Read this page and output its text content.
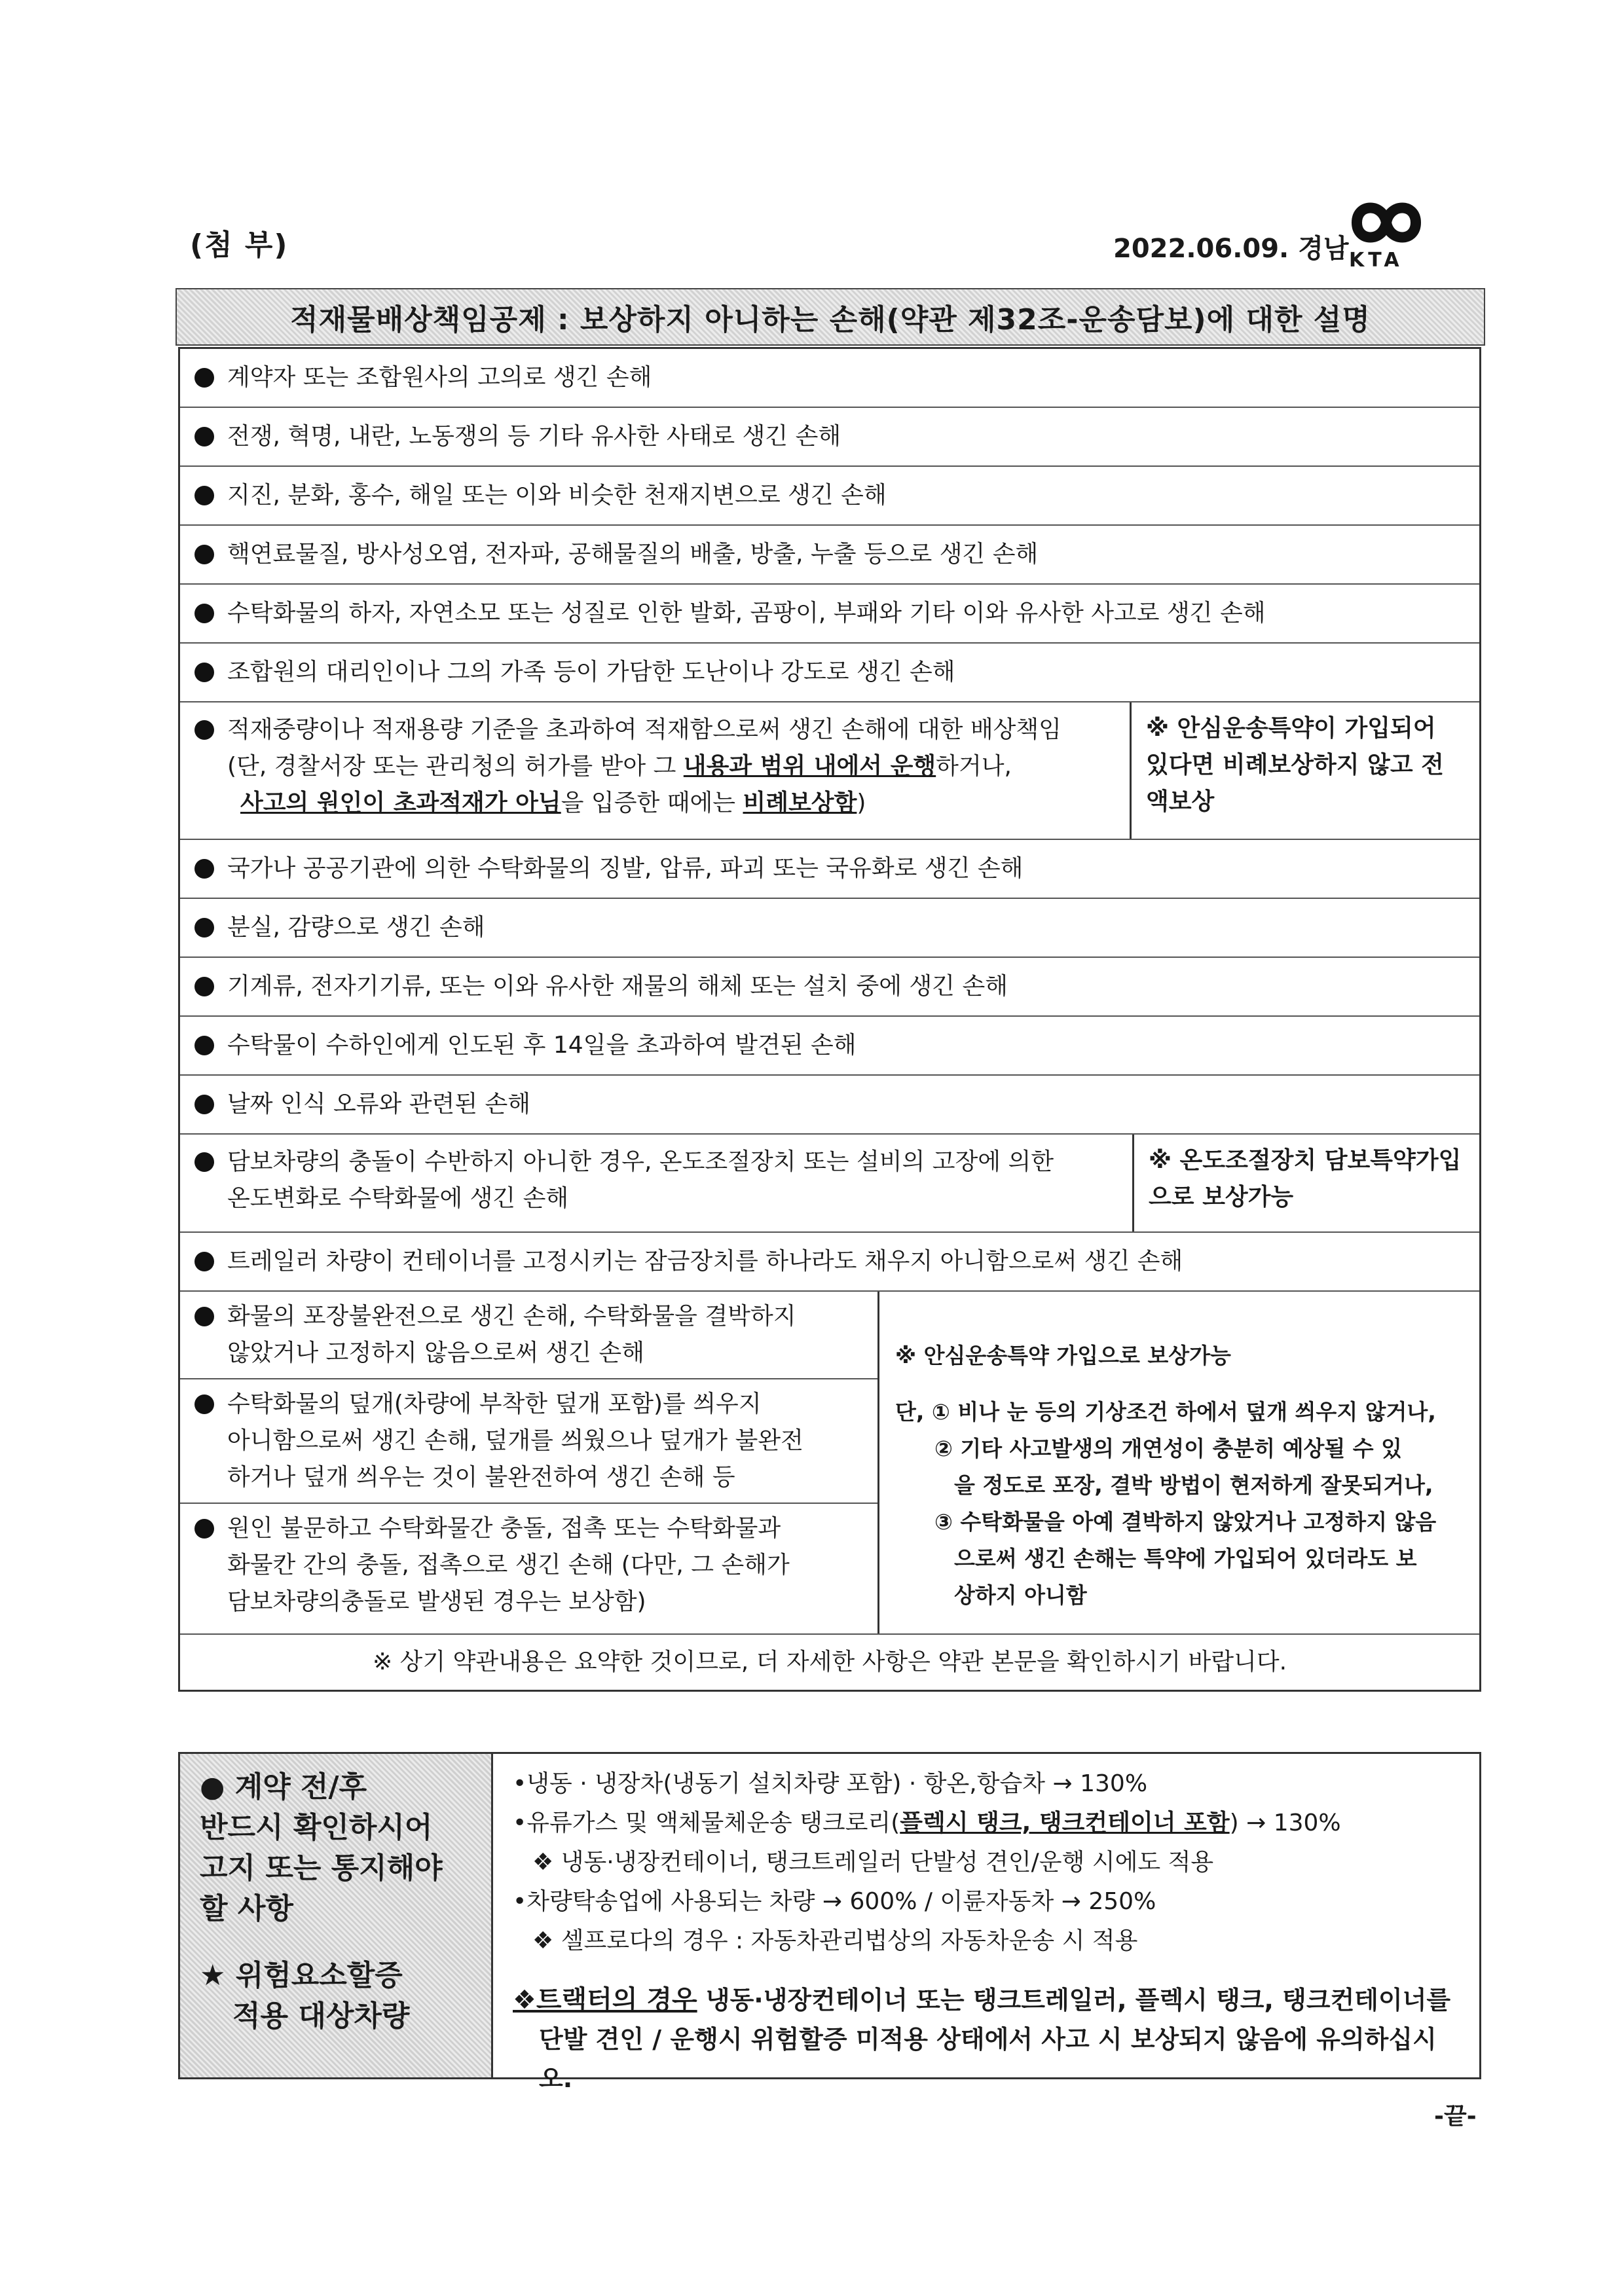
(첨 부)	2022.06.09. 경남 KTA
적재물배상책임공제 : 보상하지 아니하는 손해(약관 제32조-운송담보)에 대한 설명
계약자 또는 조합원사의 고의로 생긴 손해
전쟁, 혁명, 내란, 노동쟁의 등 기타 유사한 사태로 생긴 손해
지진, 분화, 홍수, 해일 또는 이와 비슷한 천재지변으로 생긴 손해
핵연료물질, 방사성오염, 전자파, 공해물질의 배출, 방출, 누출 등으로 생긴 손해
수탁화물의 하자, 자연소모 또는 성질로 인한 발화, 곰팡이, 부패와 기타 이와 유사한 사고로 생긴 손해
조합원의 대리인이나 그의 가족 등이 가담한 도난이나 강도로 생긴 손해
적재중량이나 적재용량 기준을 초과하여 적재함으로써 생긴 손해에 대한 배상책임
(단, 경찰서장 또는 관리청의 허가를 받아 그 내용과 범위 내에서 운행하거나,
사고의 원인이 초과적재가 아님을 입증한 때에는 비례보상함)
※ 안심운송특약이 가입되어 있다면 비례보상하지 않고 전액보상
국가나 공공기관에 의한 수탁화물의 징발, 압류, 파괴 또는 국유화로 생긴 손해
분실, 감량으로 생긴 손해
기계류, 전자기기류, 또는 이와 유사한 재물의 해체 또는 설치 중에 생긴 손해
수탁물이 수하인에게 인도된 후 14일을 초과하여 발견된 손해
날짜 인식 오류와 관련된 손해
담보차량의 충돌이 수반하지 아니한 경우, 온도조절장치 또는 설비의 고장에 의한
온도변화로 수탁화물에 생긴 손해
※ 온도조절장치 담보특약가입으로 보상가능
트레일러 차량이 컨테이너를 고정시키는 잠금장치를 하나라도 채우지 아니함으로써 생긴 손해
화물의 포장불완전으로 생긴 손해, 수탁화물을 결박하지
않았거나 고정하지 않음으로써 생긴 손해
수탁화물의 덮개(차량에 부착한 덮개 포함)를 씌우지
아니함으로써 생긴 손해, 덮개를 씌웠으나 덮개가 불완전
하거나 덮개 씌우는 것이 불완전하여 생긴 손해 등
원인 불문하고 수탁화물간 충돌, 접촉 또는 수탁화물과
화물칸 간의 충돌, 접촉으로 생긴 손해 (다만, 그 손해가
담보차량의충돌로 발생된 경우는 보상함)
※ 안심운송특약 가입으로 보상가능
단, ① 비나 눈 등의 기상조건 하에서 덮개 씌우지 않거나,
② 기타 사고발생의 개연성이 충분히 예상될 수 있
을 정도로 포장, 결박 방법이 현저하게 잘못되거나,
③ 수탁화물을 아예 결박하지 않았거나 고정하지 않음
으로써 생긴 손해는 특약에 가입되어 있더라도 보
상하지 아니함
※ 상기 약관내용은 요약한 것이므로, 더 자세한 사항은 약관 본문을 확인하시기 바랍니다.

● 계약 전/후

반드시 확인하시어

고지 또는 통지해야

할 사항

★ 위험요소할증

적용 대상차량

•냉동 · 냉장차(냉동기 설치차량 포함) · 항온,항습차 → 130%

•유류가스 및 액체물체운송 탱크로리(플렉시 탱크, 탱크컨테이너 포함) → 130%

❖ 냉동·냉장컨테이너, 탱크트레일러 단발성 견인/운행 시에도 적용

•차량탁송업에 사용되는 차량 → 600% / 이륜자동차 → 250%

❖ 셀프로다의 경우 : 자동차관리법상의 자동차운송 시 적용

❖트랙터의 경우 냉동·냉장컨테이너 또는 탱크트레일러, 플렉시 탱크, 탱크컨테이너를

단발 견인 / 운행시 위험할증 미적용 상태에서 사고 시 보상되지 않음에 유의하십시오.

-끝-
